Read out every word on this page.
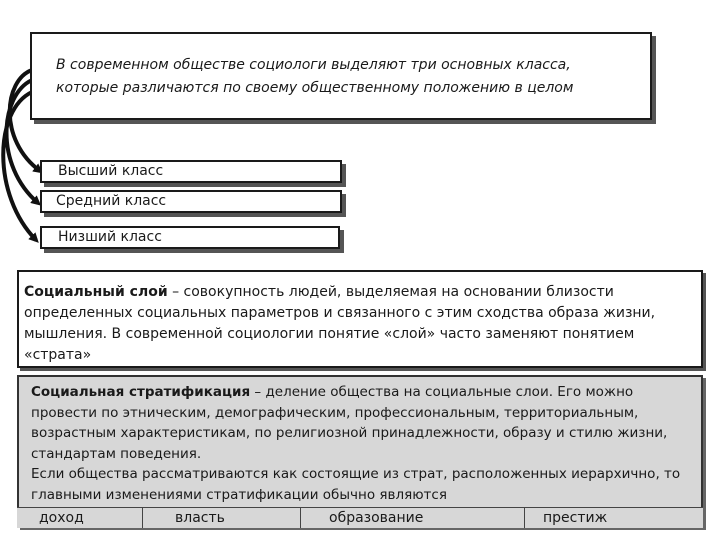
В современном обществе социологи выделяют три основных класса,
которые различаются по своему общественному положению в целом
Высший класс
Средний класс
Низший класс
Социальный слой – совокупность людей, выделяемая на основании близости определенных социальных параметров и связанного с этим сходства образа жизни, мышления. В современной социологии понятие «слой» часто заменяют понятием «страта»
Социальная стратификация – деление общества на социальные слои. Его можно провести по этническим, демографическим, профессиональным, территориальным, возрастным характеристикам, по религиозной принадлежности, образу и стилю жизни, стандартам поведения.
Если общества рассматриваются как состоящие из страт, расположенных иерархично, то главными изменениями стратификации обычно являются
доход	власть	образование	престиж
